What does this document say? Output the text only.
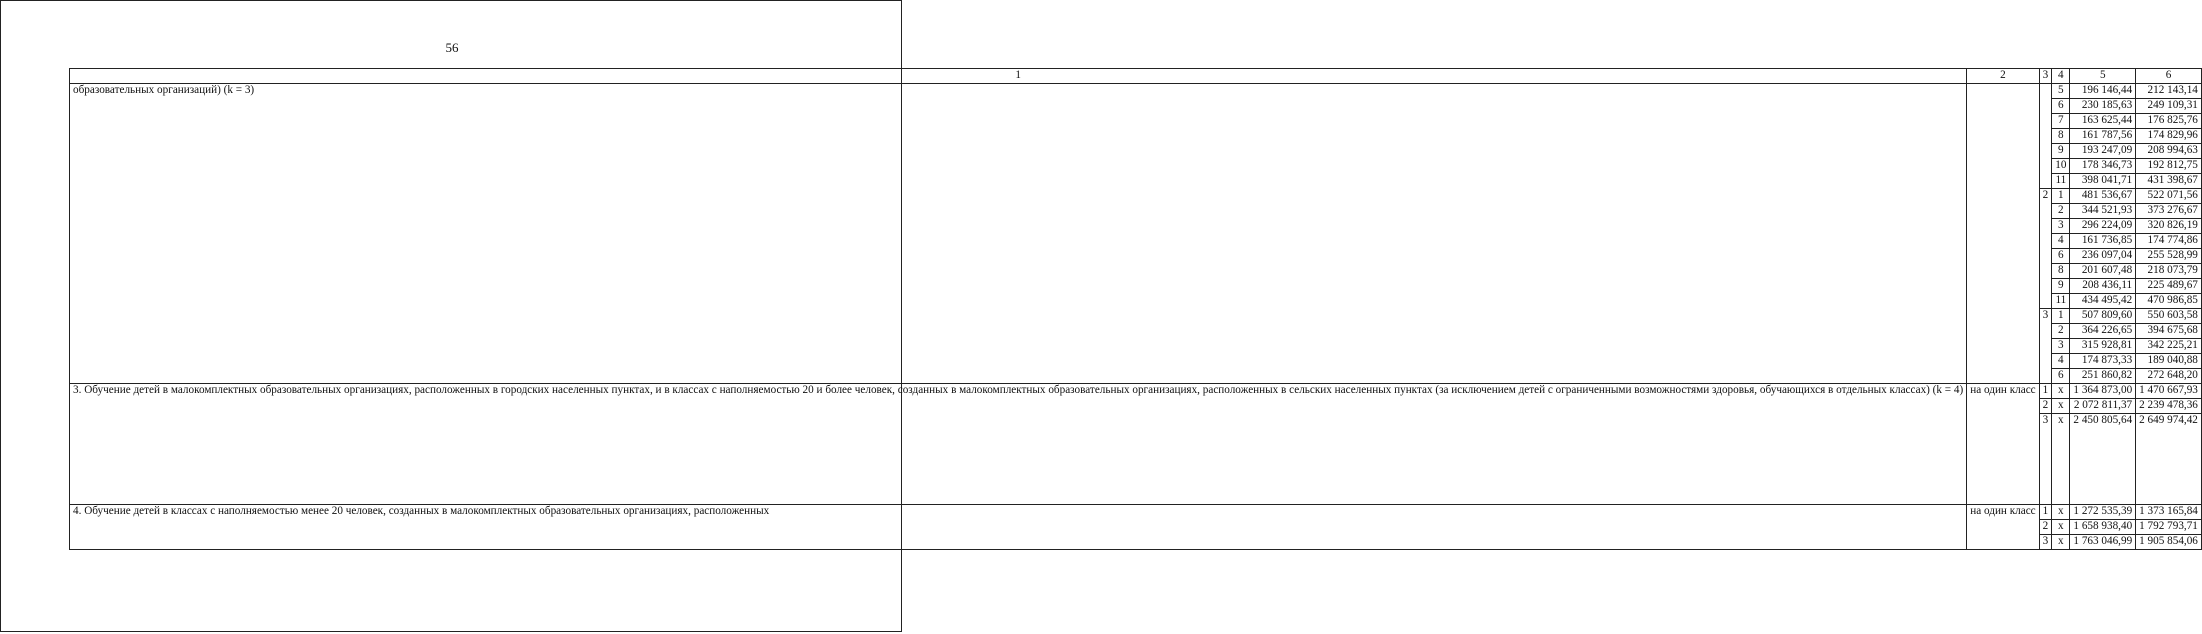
56
1	2	3	4	5	6
образовательных организаций) (k = 3)			5	196 146,44	212 143,14
			6	230 185,63	249 109,31
			7	163 625,44	176 825,76
			8	161 787,56	174 829,96
			9	193 247,09	208 994,63
			10	178 346,73	192 812,75
			11	398 041,71	431 398,67
		2	1	481 536,67	522 071,56
			2	344 521,93	373 276,67
			3	296 224,09	320 826,19
			4	161 736,85	174 774,86
			6	236 097,04	255 528,99
			8	201 607,48	218 073,79
			9	208 436,11	225 489,67
			11	434 495,42	470 986,85
		3	1	507 809,60	550 603,58
			2	364 226,65	394 675,68
			3	315 928,81	342 225,21
			4	174 873,33	189 040,88
			6	251 860,82	272 648,20
3. Обучение детей в малокомплектных образовательных организациях, расположенных в городских населенных пунктах, и в классах с наполняемостью 20 и более человек, созданных в малокомплектных образовательных организациях, расположенных в сельских населенных пунктах (за исключением детей с ограниченными возможностями здоровья, обучающихся в отдельных классах) (k = 4)	на один класс	1	x	1 364 873,00	1 470 667,93
		2	x	2 072 811,37	2 239 478,36
		3	x	2 450 805,64	2 649 974,42
4. Обучение детей в классах с наполняемостью менее 20 человек, созданных в малокомплектных образовательных организациях, расположенных	на один класс	1	x	1 272 535,39	1 373 165,84
		2	x	1 658 938,40	1 792 793,71
		3	x	1 763 046,99	1 905 854,06
